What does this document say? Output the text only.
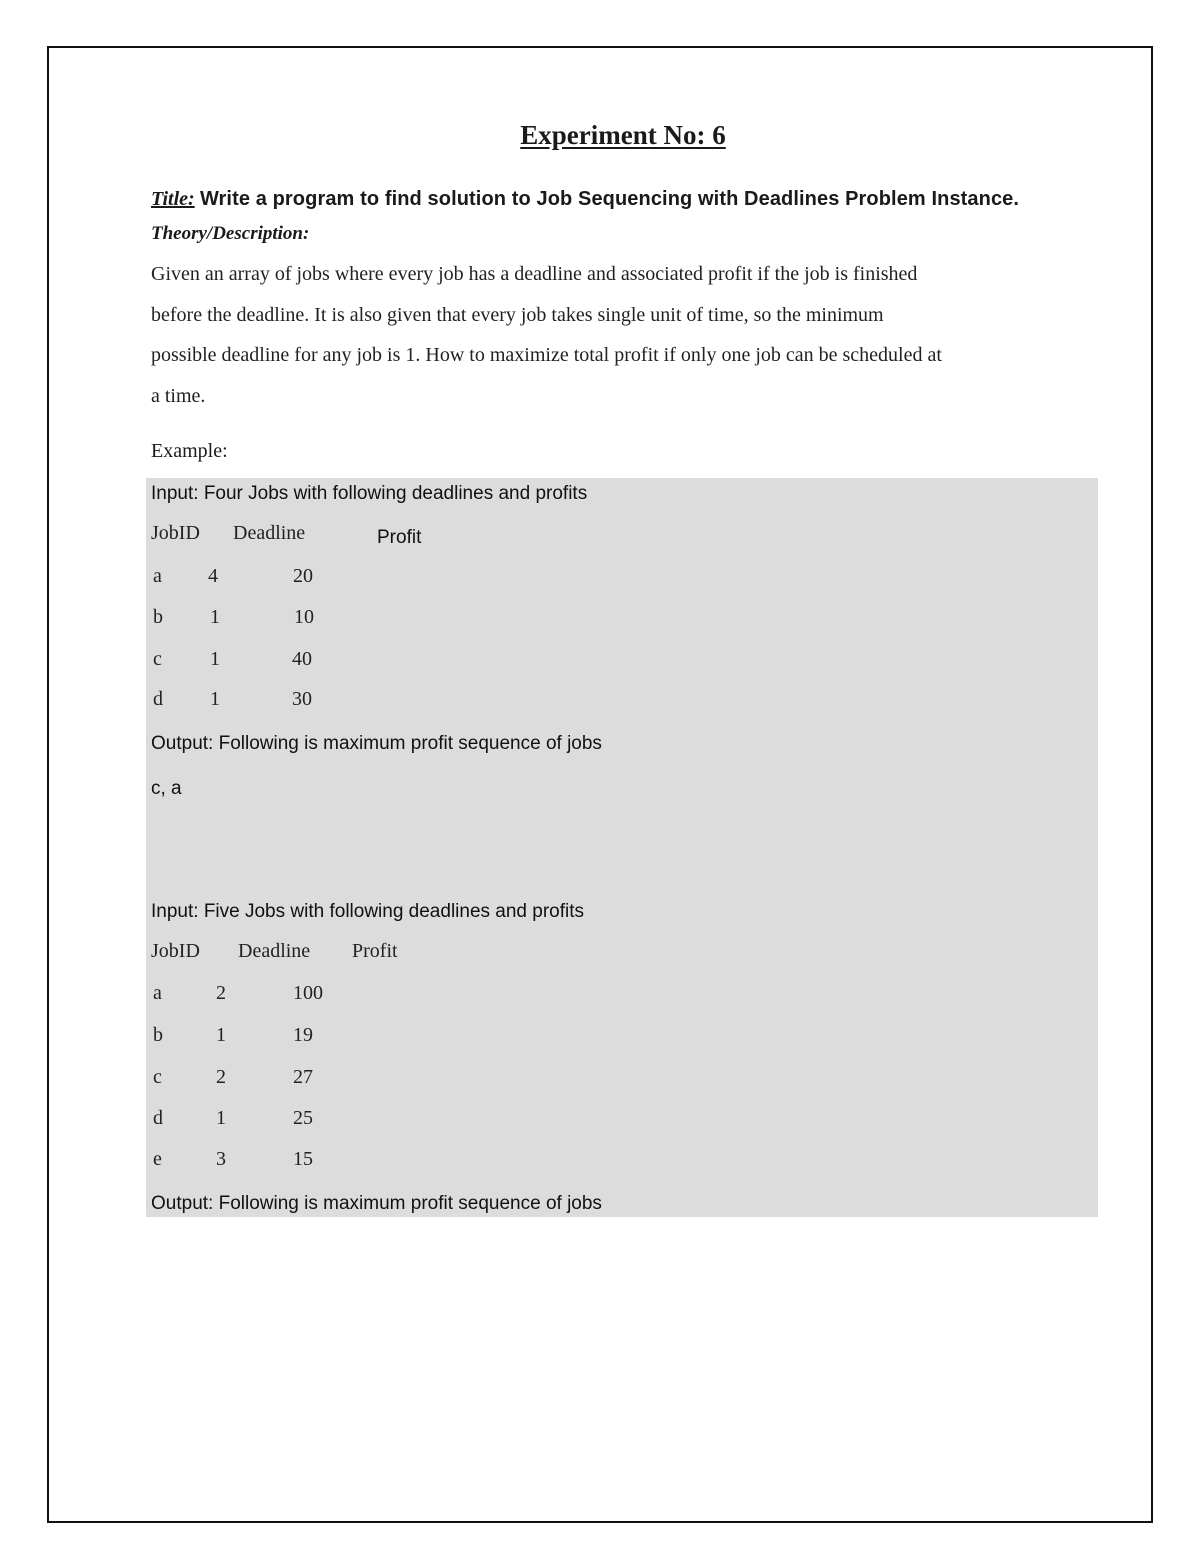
Experiment No: 6
Title: Write a program to find solution to Job Sequencing with Deadlines Problem Instance.
Theory/Description:
Given an array of jobs where every job has a deadline and associated profit if the job is finished
before the deadline. It is also given that every job takes single unit of time, so the minimum
possible deadline for any job is 1. How to maximize total profit if only one job can be scheduled at
a time.
Example:
Input: Four Jobs with following deadlines and profits
JobID Deadline	Profit
a 4	20
b 1	10
c 1	40
d 1	30
Output: Following is maximum profit sequence of jobs
c, a
Input: Five Jobs with following deadlines and profits
JobID Deadline Profit
a	2	100
b	1	19
c	2	27
d	1	25
e	3	15
Output: Following is maximum profit sequence of jobs
